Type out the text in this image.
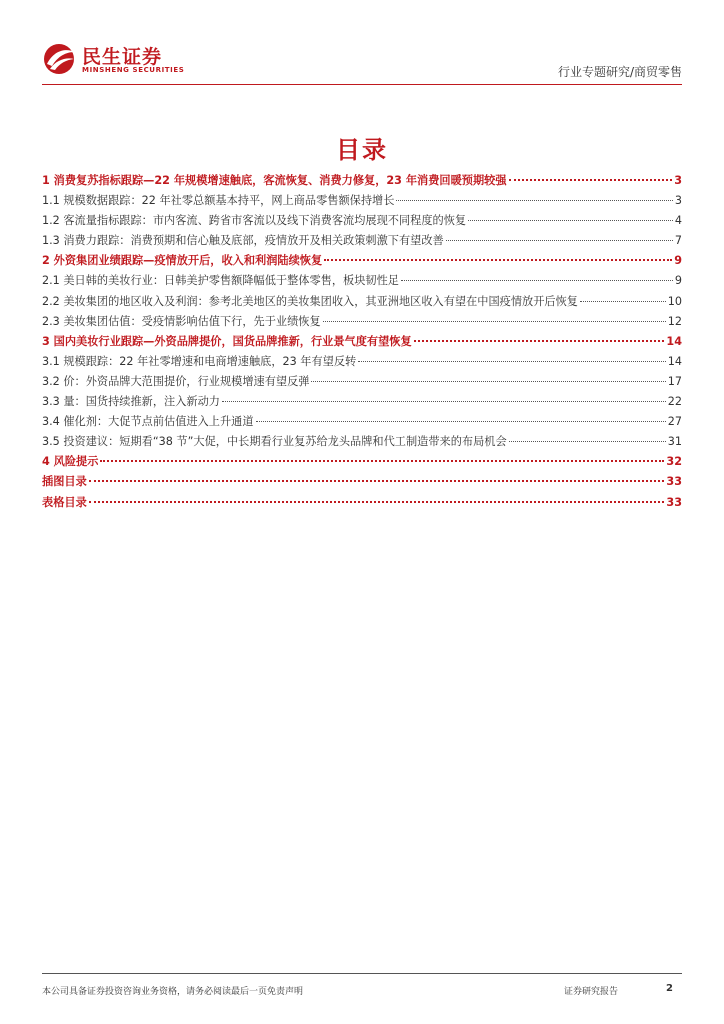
民生证券
MINSHENG SECURITIES	行业专题研究/商贸零售
目录
1 消费复苏指标跟踪—22 年规模增速触底，客流恢复、消费力修复，23 年消费回暖预期较强	3
1.1 规模数据跟踪：22 年社零总额基本持平，网上商品零售额保持增长	3
1.2 客流量指标跟踪：市内客流、跨省市客流以及线下消费客流均展现不同程度的恢复	4
1.3 消费力跟踪：消费预期和信心触及底部，疫情放开及相关政策刺激下有望改善	7
2 外资集团业绩跟踪—疫情放开后，收入和利润陆续恢复	9
2.1 美日韩的美妆行业：日韩美护零售额降幅低于整体零售，板块韧性足	9
2.2 美妆集团的地区收入及利润：参考北美地区的美妆集团收入，其亚洲地区收入有望在中国疫情放开后恢复	10
2.3 美妆集团估值：受疫情影响估值下行，先于业绩恢复	12
3 国内美妆行业跟踪—外资品牌提价，国货品牌推新，行业景气度有望恢复	14
3.1 规模跟踪：22 年社零增速和电商增速触底，23 年有望反转	14
3.2 价：外资品牌大范围提价，行业规模增速有望反弹	17
3.3 量：国货持续推新，注入新动力	22
3.4 催化剂：大促节点前估值进入上升通道	27
3.5 投资建议：短期看“38 节”大促，中长期看行业复苏给龙头品牌和代工制造带来的布局机会	31
4 风险提示	32
插图目录	33
表格目录	33
本公司具备证券投资咨询业务资格，请务必阅读最后一页免责声明	证券研究报告	2
